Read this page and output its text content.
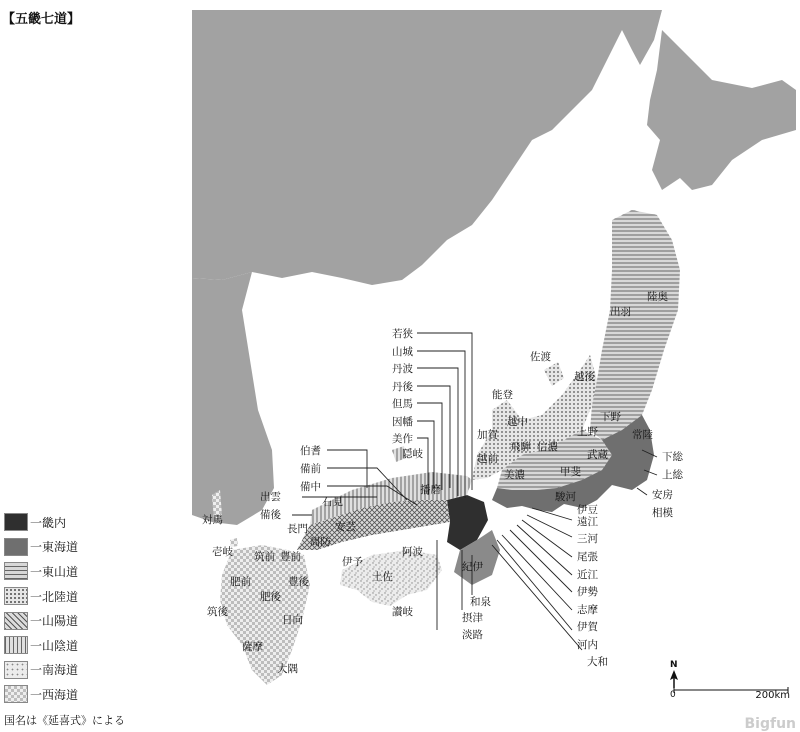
【五畿七道】
陸奥
出羽
佐渡
越後
能登
越中
加賀
飛騨 信濃
上野
下野
常陸
越前
美濃	甲斐
武蔵	下総
上総
安房
相模
駿河
伊豆
遠江
三河
尾張
近江
伊勢
志摩
伊賀
河内
大和
和泉
摂津
淡路
紀伊
若狭
山城
丹波
丹後
但馬
因幡
美作
隠岐
伯耆
備前
備中
出雲	石見
備後
長門	安芸
周防
播磨
伊予
阿波
土佐
讃岐
対馬
壱岐 筑前 豊前
肥前	豊後
筑後
肥後
日向
薩摩
大隅
一畿内
一東海道
一東山道
一北陸道
一山陽道
一山陰道
一南海道
一西海道
国名は《延喜式》による
N
0	200km
Bigfun
